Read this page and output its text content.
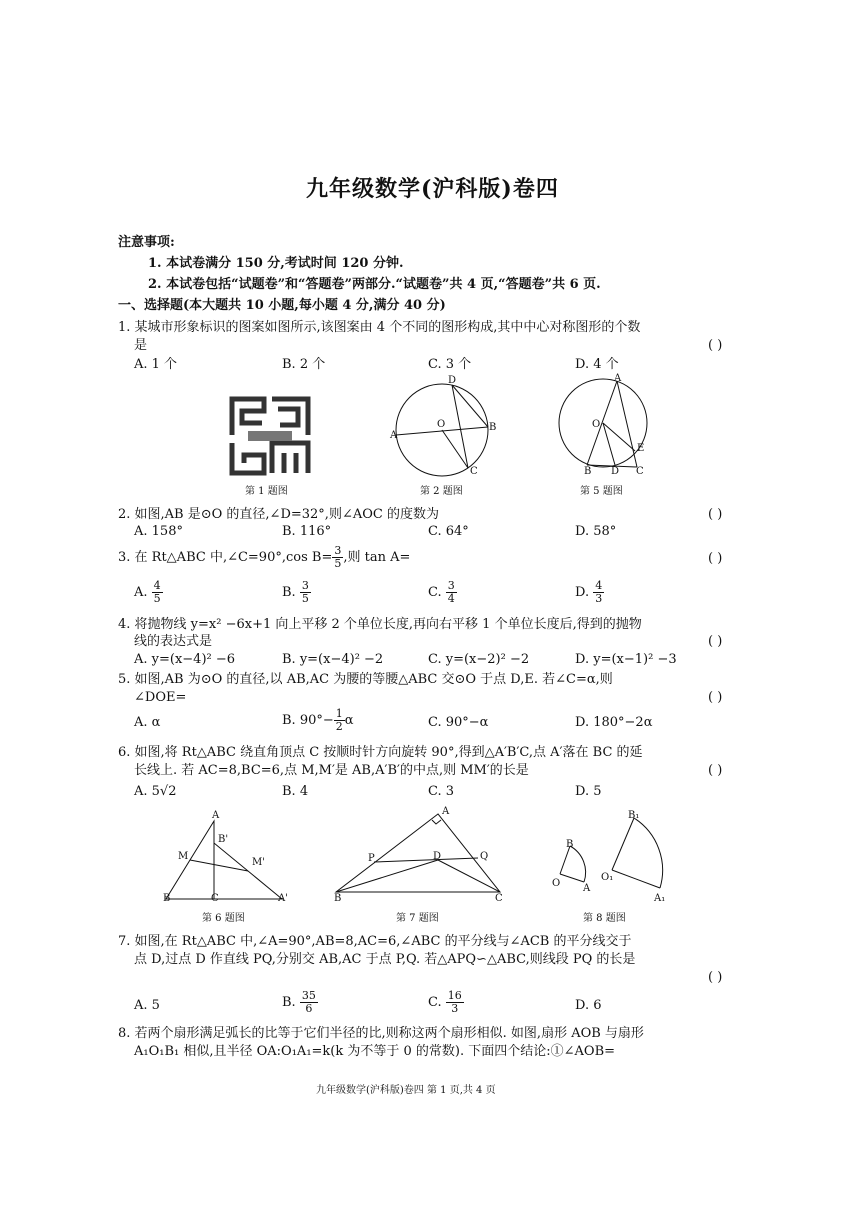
九年级数学(沪科版)卷四
注意事项:
1. 本试卷满分 150 分,考试时间 120 分钟.
2. 本试卷包括“试题卷”和“答题卷”两部分.“试题卷”共 4 页,“答题卷”共 6 页.
一、选择题(本大题共 10 小题,每小题 4 分,满分 40 分)
1. 某城市形象标识的图案如图所示,该图案由 4 个不同的图形构成,其中中心对称图形的个数
是	( )
A. 1 个	B. 2 个	C. 3 个	D. 4 个
第 1 题图
D
A
O	B
C
第 2 题图
A
O
E
B D C
第 5 题图
2. 如图,AB 是⊙O 的直径,∠D=32°,则∠AOC 的度数为	( )
A. 158°	B. 116°	C. 64°	D. 58°
3. 在 Rt△ABC 中,∠C=90°,cos $B= \frac{3}{5}$ ,则 tan A=	( )
A. $\frac{4}{5}$	B. $\frac{3}{5}$	C. $\frac{3}{4}$	D. $\frac{4}{3}$
4. 将抛物线 y=x² −6x+1 向上平移 2 个单位长度,再向右平移 1 个单位长度后,得到的抛物
线的表达式是	( )
A. y=(x−4)² −6	B. y=(x−4)² −2	C. y=(x−2)² −2	D. y=(x−1)² −3
5. 如图,AB 为⊙O 的直径,以 AB,AC 为腰的等腰△ABC 交⊙O 于点 D,E. 若∠C=α,则
∠DOE=	( )
A. α	B. $90^\circ- \frac{1}{2}$ α	C. 90°−α	D. 180°−2α
6. 如图,将 Rt△ABC 绕直角顶点 C 按顺时针方向旋转 90°,得到△A′B′C,点 A′落在 BC 的延
长线上. 若 AC=8,BC=6,点 M,M′是 AB,A′B′的中点,则 MM′的长是	( )
A. 5√2	B. 4	C. 3	D. 5
A
B'
M
M'
B	C	A'
第 6 题图
A
P	D	Q
B	C
第 7 题图
B
O A
B₁
O₁
A₁
第 8 题图
7. 如图,在 Rt△ABC 中,∠A=90°,AB=8,AC=6,∠ABC 的平分线与∠ACB 的平分线交于
点 D,过点 D 作直线 PQ,分别交 AB,AC 于点 P,Q. 若△APQ∽△ABC,则线段 PQ 的长是
( )
A. 5	B. $\frac{35}{6}$	C. $\frac{16}{3}$	D. 6
8. 若两个扇形满足弧长的比等于它们半径的比,则称这两个扇形相似. 如图,扇形 AOB 与扇形
A₁O₁B₁ 相似,且半径 OA:O₁A₁=k(k 为不等于 0 的常数). 下面四个结论:①∠AOB=
九年级数学(沪科版)卷四 第 1 页,共 4 页
